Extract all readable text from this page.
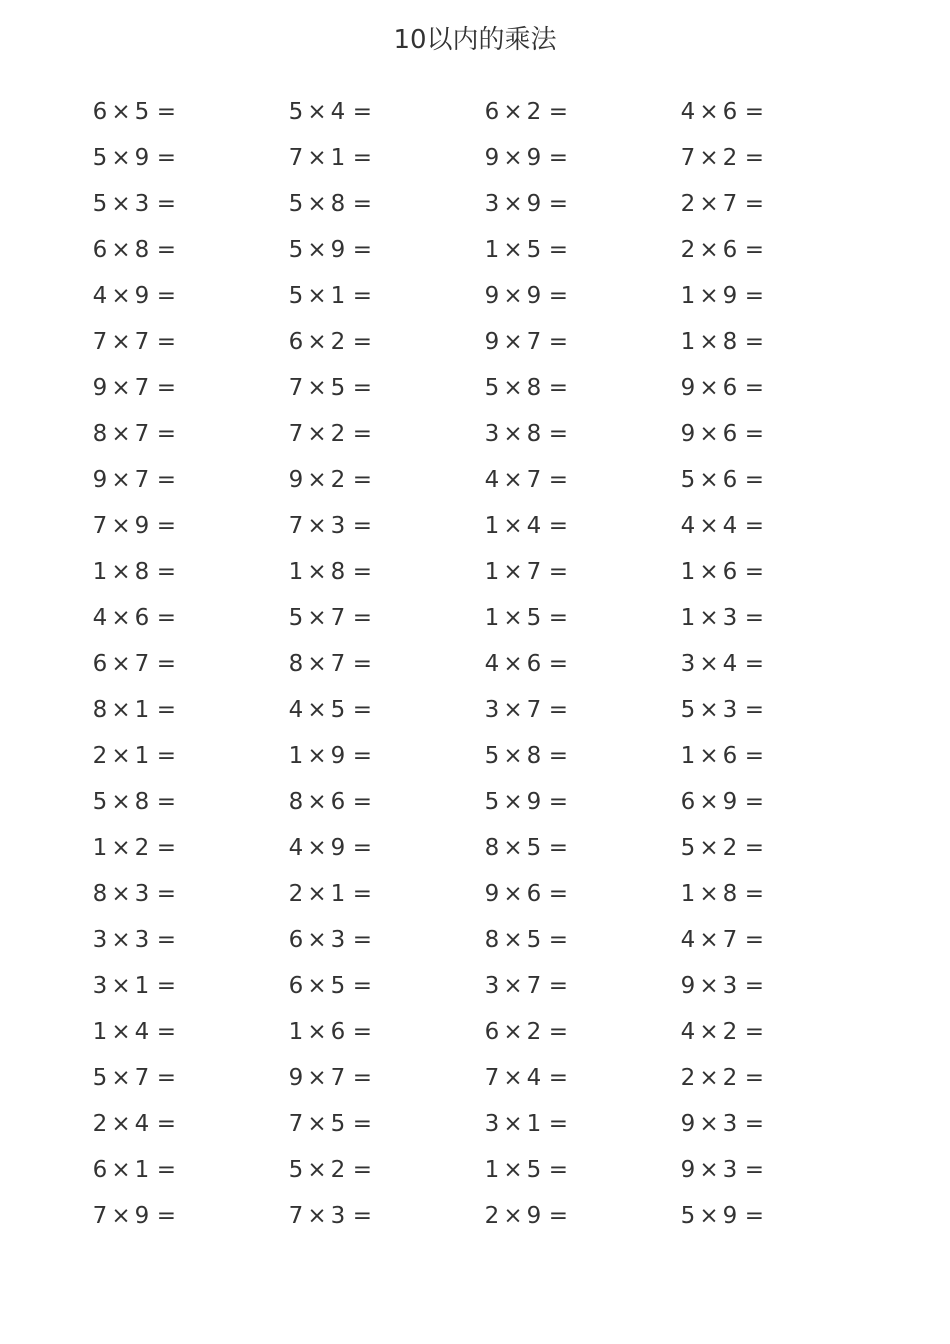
10以内的乘法
6 × 5 =	5 × 4 =	6 × 2 =	4 × 6 =
5 × 9 =	7 × 1 =	9 × 9 =	7 × 2 =
5 × 3 =	5 × 8 =	3 × 9 =	2 × 7 =
6 × 8 =	5 × 9 =	1 × 5 =	2 × 6 =
4 × 9 =	5 × 1 =	9 × 9 =	1 × 9 =
7 × 7 =	6 × 2 =	9 × 7 =	1 × 8 =
9 × 7 =	7 × 5 =	5 × 8 =	9 × 6 =
8 × 7 =	7 × 2 =	3 × 8 =	9 × 6 =
9 × 7 =	9 × 2 =	4 × 7 =	5 × 6 =
7 × 9 =	7 × 3 =	1 × 4 =	4 × 4 =
1 × 8 =	1 × 8 =	1 × 7 =	1 × 6 =
4 × 6 =	5 × 7 =	1 × 5 =	1 × 3 =
6 × 7 =	8 × 7 =	4 × 6 =	3 × 4 =
8 × 1 =	4 × 5 =	3 × 7 =	5 × 3 =
2 × 1 =	1 × 9 =	5 × 8 =	1 × 6 =
5 × 8 =	8 × 6 =	5 × 9 =	6 × 9 =
1 × 2 =	4 × 9 =	8 × 5 =	5 × 2 =
8 × 3 =	2 × 1 =	9 × 6 =	1 × 8 =
3 × 3 =	6 × 3 =	8 × 5 =	4 × 7 =
3 × 1 =	6 × 5 =	3 × 7 =	9 × 3 =
1 × 4 =	1 × 6 =	6 × 2 =	4 × 2 =
5 × 7 =	9 × 7 =	7 × 4 =	2 × 2 =
2 × 4 =	7 × 5 =	3 × 1 =	9 × 3 =
6 × 1 =	5 × 2 =	1 × 5 =	9 × 3 =
7 × 9 =	7 × 3 =	2 × 9 =	5 × 9 =
